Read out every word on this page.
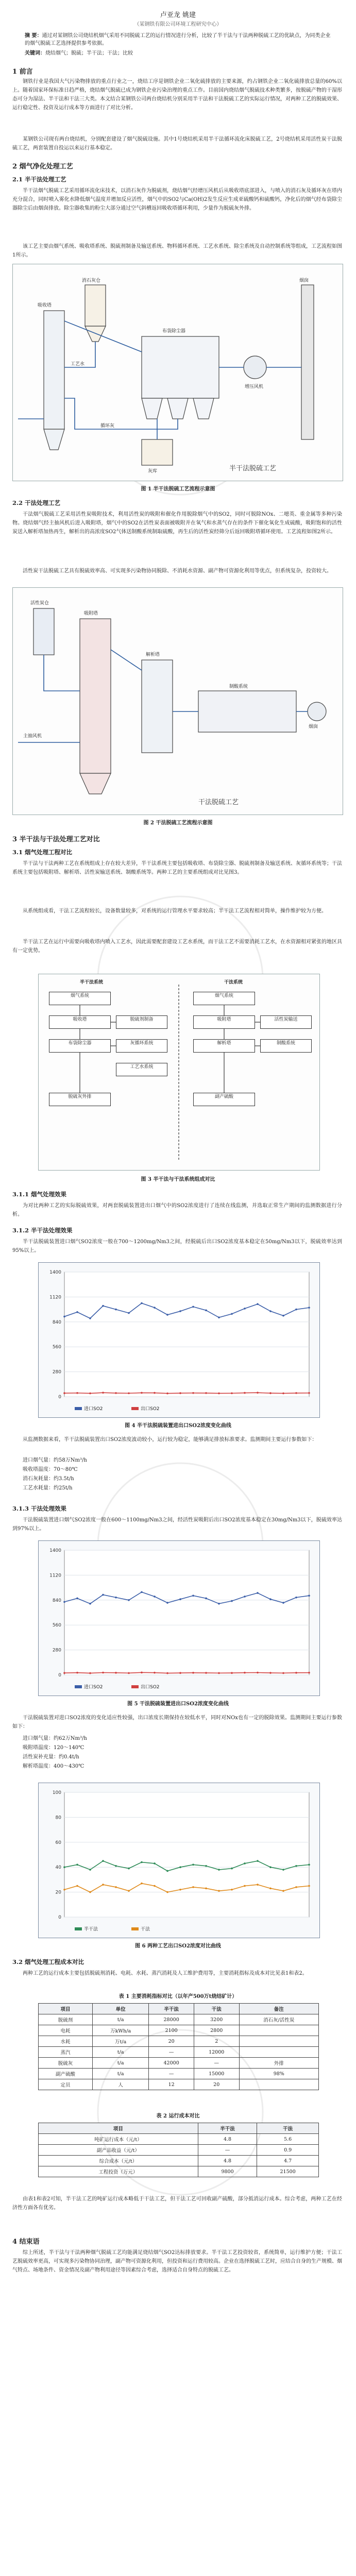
卢亚龙 姚建
（某钢铁有限公司环境工程研究中心）
摘 要：通过对某钢铁公司烧结机烟气采用不同脱硫工艺的运行情况进行分析，比较了半干法与干法两种脱硫工艺的优缺点，为同类企业的烟气脱硫工艺选择提供参考依据。
关键词：烧结烟气；脱硫；半干法；干法；比较
1 前言
钢铁行业是我国大气污染物排放的重点行业之一，烧结工序是钢铁企业二氧化硫排放的主要来源，约占钢铁企业二氧化硫排放总量的60%以上。随着国家环保标准日趋严格，烧结烟气脱硫已成为钢铁企业污染治理的重点工作。目前国内烧结烟气脱硫技术种类繁多，按脱硫产物的干湿形态可分为湿法、半干法和干法三大类。本文结合某钢铁公司两台烧结机分别采用半干法和干法脱硫工艺的实际运行情况，对两种工艺的脱硫效果、运行稳定性、投资及运行成本等方面进行了对比分析。
某钢铁公司现有两台烧结机，分别配套建设了烟气脱硫设施。其中1号烧结机采用半干法循环流化床脱硫工艺，2号烧结机采用活性炭干法脱硫工艺，两套装置自投运以来运行基本稳定。
2 烟气净化处理工艺
2.1 半干法处理工艺
半干法烟气脱硫工艺采用循环流化床技术，以消石灰作为脱硫剂，烧结烟气经增压风机后从吸收塔底部进入，与喷入的消石灰及循环灰在塔内充分混合，同时喷入雾化水降低烟气温度并增加反应活性，烟气中的SO2与Ca(OH)2发生反应生成亚硫酸钙和硫酸钙，净化后的烟气经布袋除尘器除尘后由烟囱排放。除尘器收集的粉尘大部分通过空气斜槽返回吸收塔循环利用，少量作为脱硫灰外排。
该工艺主要由烟气系统、吸收塔系统、脱硫剂制备及输送系统、物料循环系统、工艺水系统、除尘系统及自动控制系统等组成，工艺流程如图1所示。
吸收塔
布袋除尘器
消石灰仓
增压风机
烟囱
灰库
循环灰
工艺水
半干法脱硫工艺
图 1 半干法脱硫工艺流程示意图
2.2 干法处理工艺
干法烟气脱硫工艺采用活性炭吸附技术，利用活性炭的吸附和催化作用脱除烟气中的SO2，同时可脱除NOx、二噁英、重金属等多种污染物。烧结烟气经主抽风机后进入吸附塔，烟气中的SO2在活性炭表面被吸附并在氧气和水蒸气存在的条件下催化氧化生成硫酸，吸附饱和的活性炭送入解析塔加热再生，解析出的高浓度SO2气体送制酸系统制取硫酸，再生后的活性炭经筛分后返回吸附塔循环使用。工艺流程如图2所示。
活性炭干法脱硫工艺具有脱硫效率高、可实现多污染物协同脱除、不消耗水资源、副产物可资源化利用等优点，但系统复杂，投资较大。
吸附塔
解析塔
活性炭仓
主抽风机
制酸系统
烟囱
干法脱硫工艺
图 2 干法脱硫工艺流程示意图
3 半干法与干法处理工艺对比
3.1 烟气处理工程对比
半干法与干法两种工艺在系统组成上存在较大差异，半干法系统主要包括吸收塔、布袋除尘器、脱硫剂制备及输送系统、灰循环系统等；干法系统主要包括吸附塔、解析塔、活性炭输送系统、制酸系统等。两种工艺的主要系统组成对比见图3。
从系统组成看，干法工艺流程较长，设备数量较多，对系统的运行管理水平要求较高；半干法工艺流程相对简单，操作维护较为方便。
半干法工艺在运行中需要向吸收塔内喷入工艺水，因此需要配套建设工艺水系统，而干法工艺不需要消耗工艺水，在水资源相对紧张的地区具有一定优势。
半干法系统	干法系统
烟气系统
吸收塔
布袋除尘器
脱硫剂制备
灰循环系统
工艺水系统
脱硫灰外排
烟气系统
吸附塔
解析塔
活性炭输送
制酸系统
副产硫酸
图 3 半干法与干法系统组成对比
3.1.1 烟气处理效果
为对比两种工艺的实际脱硫效果，对两套脱硫装置进出口烟气中的SO2浓度进行了连续在线监测，并选取正常生产期间的监测数据进行分析。
3.1.2 半干法处理效果
半干法脱硫装置进口烟气SO2浓度一般在700～1200mg/Nm3之间，经脱硫后出口SO2浓度基本稳定在50mg/Nm3以下，脱硫效率达到95%以上。
0
280
560
840
1120
1400
进口SO2	出口SO2
图 4 半干法脱硫装置进出口SO2浓度变化曲线
从监测数据来看，半干法脱硫装置出口SO2浓度波动较小，运行较为稳定，能够满足排放标准要求。监测期间主要运行参数如下：
进口烟气量：约58万Nm³/h
吸收塔温度：70～80℃
消石灰耗量：约3.5t/h
工艺水耗量：约25t/h
3.1.3 干法处理效果
干法脱硫装置进口烟气SO2浓度一般在600～1100mg/Nm3之间，经活性炭吸附后出口SO2浓度基本稳定在30mg/Nm3以下，脱硫效率达到97%以上。
0
280
560
840
1120
1400
进口SO2	出口SO2
图 5 干法脱硫装置进出口SO2浓度变化曲线
干法脱硫装置对进口SO2浓度的变化适应性较强，出口浓度长期保持在较低水平，同时对NOx也有一定的脱除效果。监测期间主要运行参数如下：
进口烟气量：约62万Nm³/h
吸附塔温度：120～140℃
活性炭补充量：约0.4t/h
解析塔温度：400～430℃
0
20
40
60
80
100
半干法	干法
图 6 两种工艺出口SO2浓度对比曲线
3.2 烟气处理工程成本对比
两种工艺的运行成本主要包括脱硫剂消耗、电耗、水耗、蒸汽消耗及人工维护费用等，主要消耗指标及成本对比见表1和表2。
表 1 主要消耗指标对比（以年产500万t烧结矿计）
项目	单位	半干法	干法	备注
脱硫剂	t/a	28000	3200	消石灰/活性炭
电耗	万kWh/a	2100	2800	
水耗	万t/a	20	2	
蒸汽	t/a	—	12000	
脱硫灰	t/a	42000	—	外排
副产硫酸	t/a	—	15000	98%
定员	人	12	20	
表 2 运行成本对比
项目	半干法	干法
吨矿运行成本（元/t）	4.8	5.6
副产品收益（元/t）	—	0.9
综合成本（元/t）	4.8	4.7
工程投资（万元）	9800	21500
由表1和表2可知，半干法工艺的吨矿运行成本略低于干法工艺，但干法工艺可回收副产硫酸，部分抵消运行成本。综合考虑，两种工艺在经济性方面各有优劣。
4 结束语
综上所述，半干法与干法两种烟气脱硫工艺均能满足烧结烟气SO2达标排放要求。半干法工艺投资较省，系统简单，运行维护方便；干法工艺脱硫效率更高，可实现多污染物协同治理，副产物可资源化利用，但投资和运行费用较高。企业在选择脱硫工艺时，应结合自身的生产规模、烟气特点、场地条件、资金情况及副产物利用途径等因素综合考虑，选择适合自身特点的脱硫工艺。
